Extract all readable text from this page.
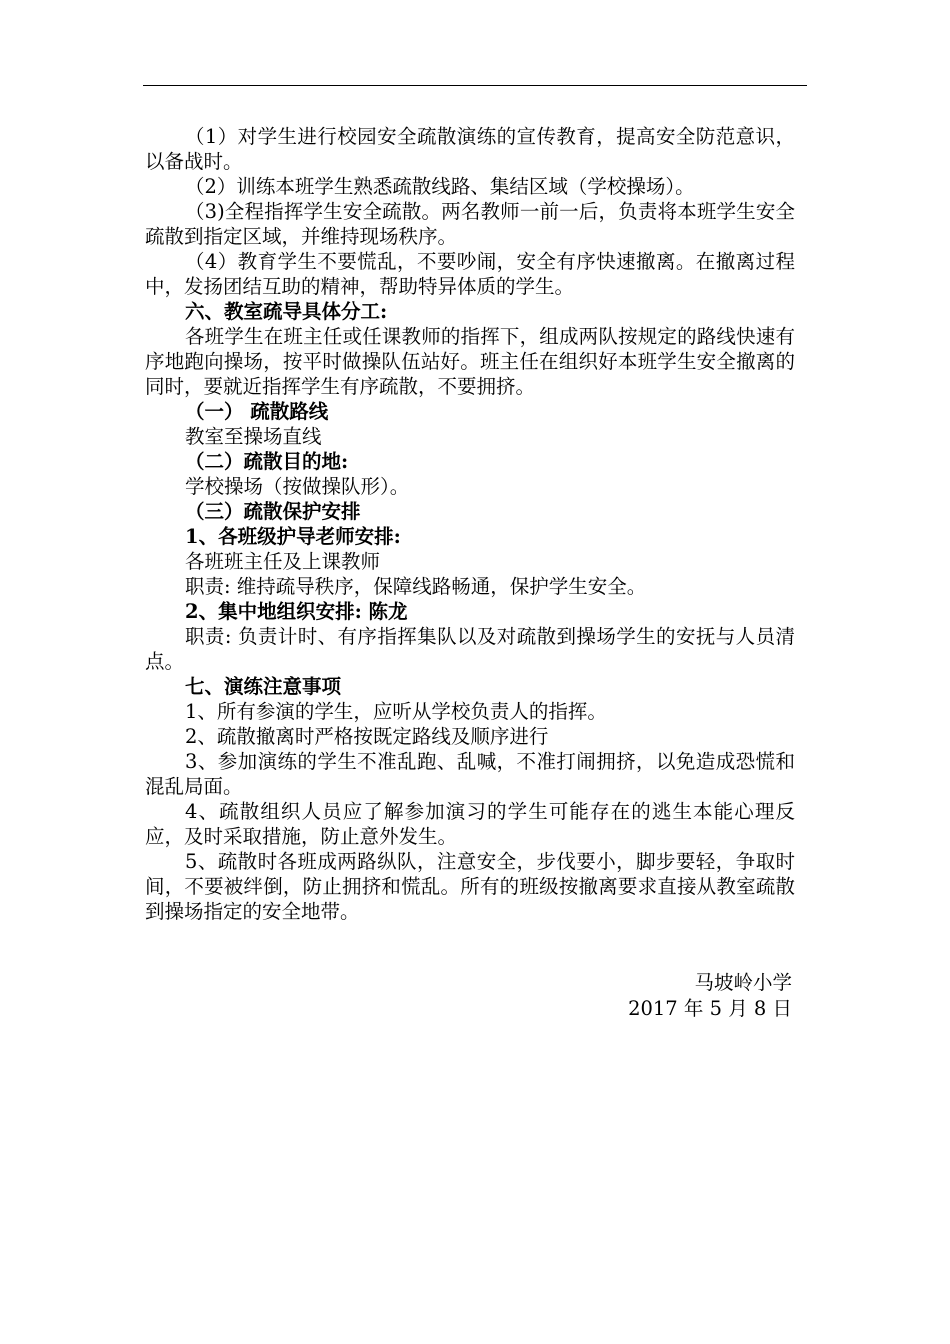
（1）对学生进行校园安全疏散演练的宣传教育，提高安全防范意识，以备战时。

（2）训练本班学生熟悉疏散线路、集结区域（学校操场）。

（3)全程指挥学生安全疏散。两名教师一前一后，负责将本班学生安全疏散到指定区域，并维持现场秩序。

（4）教育学生不要慌乱，不要吵闹，安全有序快速撤离。在撤离过程中，发扬团结互助的精神，帮助特异体质的学生。

六、教室疏导具体分工:

各班学生在班主任或任课教师的指挥下，组成两队按规定的路线快速有序地跑向操场，按平时做操队伍站好。班主任在组织好本班学生安全撤离的同时，要就近指挥学生有序疏散，不要拥挤。

（一） 疏散路线

教室至操场直线

（二）疏散目的地:

学校操场（按做操队形）。

（三）疏散保护安排

1、各班级护导老师安排:

各班班主任及上课教师

职责: 维持疏导秩序，保障线路畅通，保护学生安全。

2、集中地组织安排: 陈龙

职责: 负责计时、有序指挥集队以及对疏散到操场学生的安抚与人员清点。

七、演练注意事项

1、所有参演的学生，应听从学校负责人的指挥。

2、疏散撤离时严格按既定路线及顺序进行

3、参加演练的学生不准乱跑、乱喊，不准打闹拥挤，以免造成恐慌和混乱局面。

4、疏散组织人员应了解参加演习的学生可能存在的逃生本能心理反应，及时采取措施，防止意外发生。

5、疏散时各班成两路纵队，注意安全，步伐要小，脚步要轻，争取时间，不要被绊倒，防止拥挤和慌乱。所有的班级按撤离要求直接从教室疏散到操场指定的安全地带。

马坡岭小学
2017 年 5 月 8 日
